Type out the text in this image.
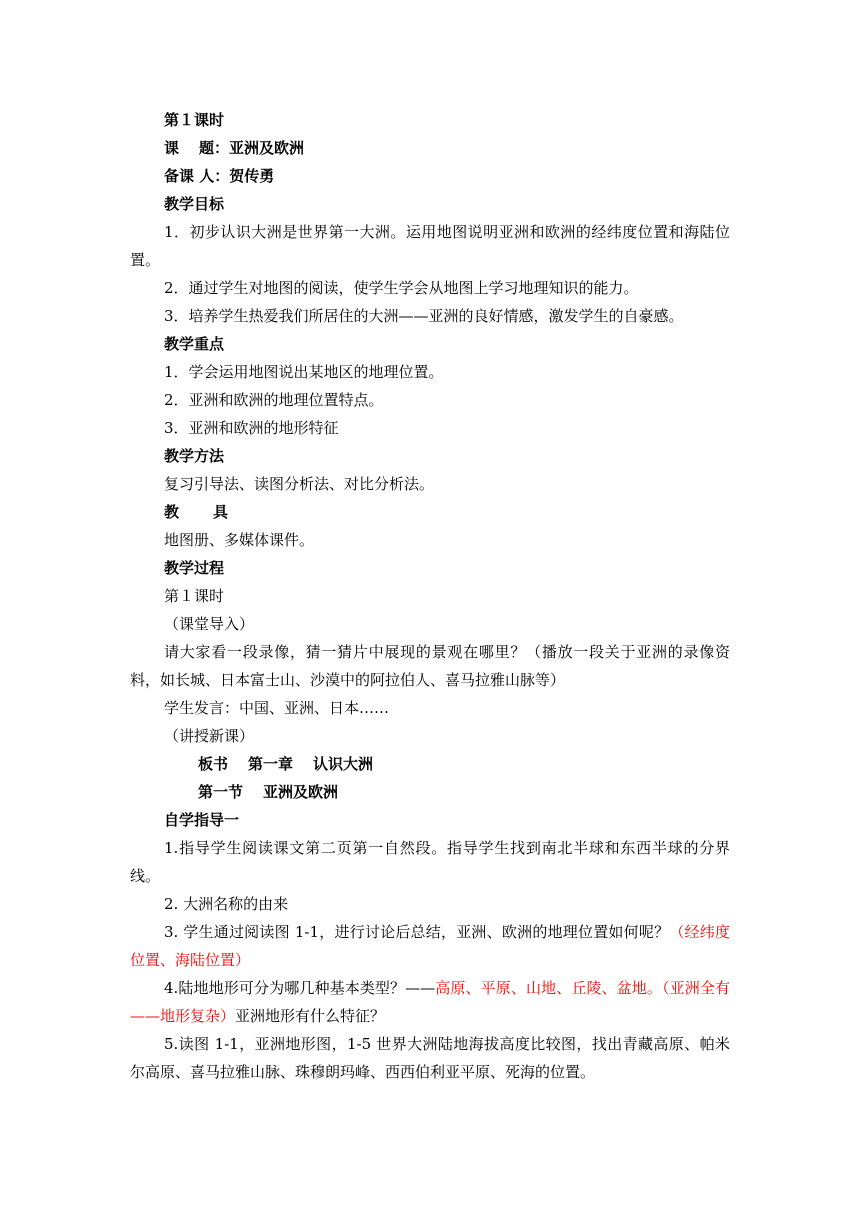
第１课时

课 题：亚洲及欧洲

备课 人：贺传勇

教学目标

1．初步认识大洲是世界第一大洲。运用地图说明亚洲和欧洲的经纬度位置和海陆位置。

2．通过学生对地图的阅读，使学生学会从地图上学习地理知识的能力。

3．培养学生热爱我们所居住的大洲——亚洲的良好情感，激发学生的自豪感。

教学重点

1．学会运用地图说出某地区的地理位置。

2．亚洲和欧洲的地理位置特点。

3．亚洲和欧洲的地形特征

教学方法

复习引导法、读图分析法、对比分析法。

教 具

地图册、多媒体课件。

教学过程

第１课时

（课堂导入）

请大家看一段录像，猜一猜片中展现的景观在哪里？（播放一段关于亚洲的录像资料，如长城、日本富士山、沙漠中的阿拉伯人、喜马拉雅山脉等）

学生发言：中国、亚洲、日本……

（讲授新课）

板书 第一章 认识大洲

第一节 亚洲及欧洲

自学指导一

1.指导学生阅读课文第二页第一自然段。指导学生找到南北半球和东西半球的分界线。

2. 大洲名称的由来

3. 学生通过阅读图 1-1，进行讨论后总结，亚洲、欧洲的地理位置如何呢？（经纬度位置、海陆位置）

4.陆地地形可分为哪几种基本类型？——高原、平原、山地、丘陵、盆地。（亚洲全有——地形复杂）亚洲地形有什么特征？

5.读图 1-1，亚洲地形图，1-5 世界大洲陆地海拔高度比较图，找出青藏高原、帕米尔高原、喜马拉雅山脉、珠穆朗玛峰、西西伯利亚平原、死海的位置。
